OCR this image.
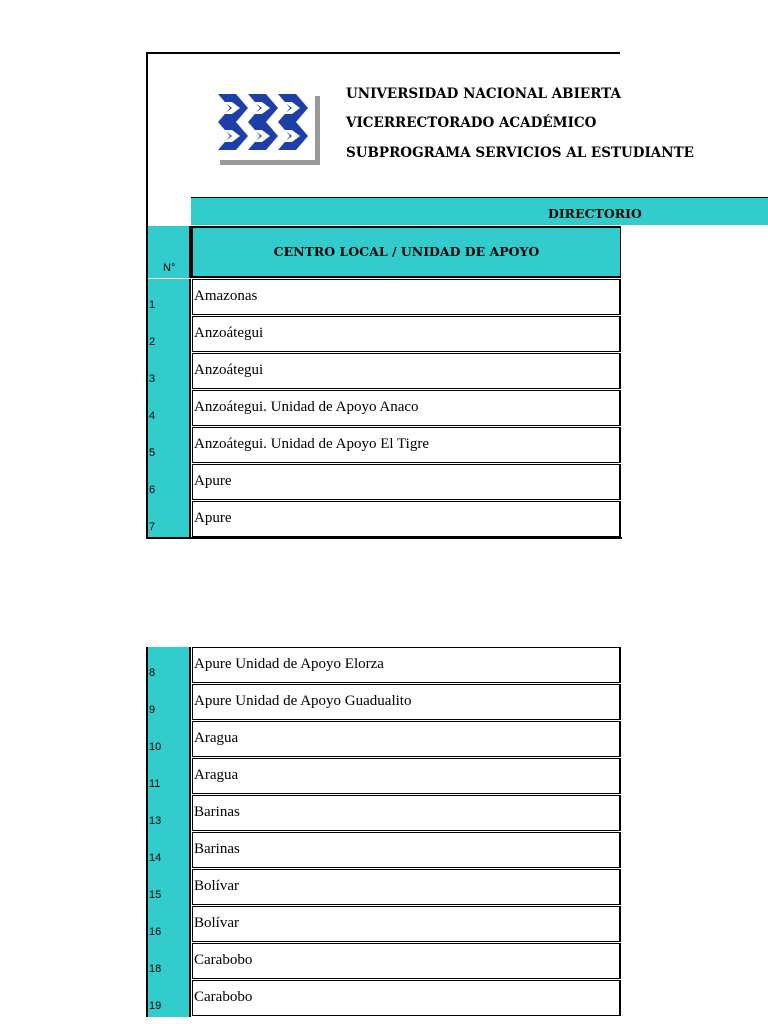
UNIVERSIDAD NACIONAL ABIERTA
VICERRECTORADO ACADÉMICO
SUBPROGRAMA SERVICIOS AL ESTUDIANTE
DIRECTORIO
N°
CENTRO LOCAL / UNIDAD DE APOYO
1
Amazonas
2
Anzoátegui
3
Anzoátegui
4
Anzoátegui. Unidad de Apoyo Anaco
5
Anzoátegui. Unidad de Apoyo El Tigre
6
Apure
7
Apure
8
Apure Unidad de Apoyo Elorza
9
Apure Unidad de Apoyo Guadualito
10
Aragua
11
Aragua
13
Barinas
14
Barinas
15
Bolívar
16
Bolívar
18
Carabobo
19
Carabobo
